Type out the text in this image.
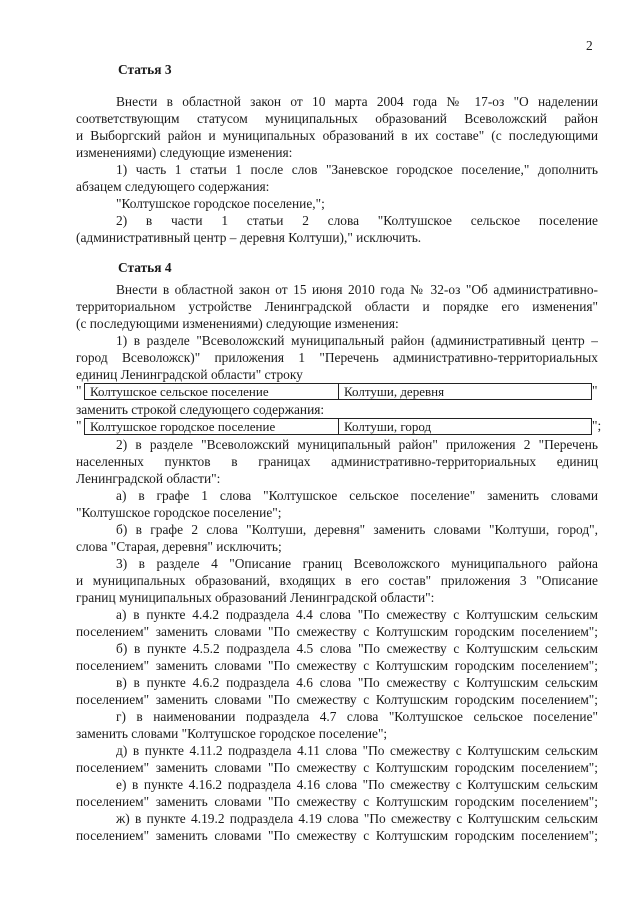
2
Статья 3
Внести в областной закон от 10 марта 2004 года № 17-оз "О наделении
соответствующим статусом муниципальных образований Всеволожский район
и Выборгский район и муниципальных образований в их составе" (с последующими
изменениями) следующие изменения:
1) часть 1 статьи 1 после слов "Заневское городское поселение," дополнить
абзацем следующего содержания:
"Колтушское городское поселение,";
2) в части 1 статьи 2 слова "Колтушское сельское поселение
(административный центр – деревня Колтуши)," исключить.
Статья 4
Внести в областной закон от 15 июня 2010 года № 32-оз "Об административно-
территориальном устройстве Ленинградской области и порядке его изменения"
(с последующими изменениями) следующие изменения:
1) в разделе "Всеволожский муниципальный район (административный центр –
город Всеволожск)" приложения 1 "Перечень административно-территориальных
единиц Ленинградской области" строку
" Колтушское сельское поселение	Колтуши, деревня	"
заменить строкой следующего содержания:
" Колтушское городское поселение	Колтуши, город	";
2) в разделе "Всеволожский муниципальный район" приложения 2 "Перечень
населенных пунктов в границах административно-территориальных единиц
Ленинградской области":
а) в графе 1 слова "Колтушское сельское поселение" заменить словами
"Колтушское городское поселение";
б) в графе 2 слова "Колтуши, деревня" заменить словами "Колтуши, город",
слова "Старая, деревня" исключить;
3) в разделе 4 "Описание границ Всеволожского муниципального района
и муниципальных образований, входящих в его состав" приложения 3 "Описание
границ муниципальных образований Ленинградской области":
а) в пункте 4.4.2 подраздела 4.4 слова "По смежеству с Колтушским сельским
поселением" заменить словами "По смежеству с Колтушским городским поселением";
б) в пункте 4.5.2 подраздела 4.5 слова "По смежеству с Колтушским сельским
поселением" заменить словами "По смежеству с Колтушским городским поселением";
в) в пункте 4.6.2 подраздела 4.6 слова "По смежеству с Колтушским сельским
поселением" заменить словами "По смежеству с Колтушским городским поселением";
г) в наименовании подраздела 4.7 слова "Колтушское сельское поселение"
заменить словами "Колтушское городское поселение";
д) в пункте 4.11.2 подраздела 4.11 слова "По смежеству с Колтушским сельским
поселением" заменить словами "По смежеству с Колтушским городским поселением";
е) в пункте 4.16.2 подраздела 4.16 слова "По смежеству с Колтушским сельским
поселением" заменить словами "По смежеству с Колтушским городским поселением";
ж) в пункте 4.19.2 подраздела 4.19 слова "По смежеству с Колтушским сельским
поселением" заменить словами "По смежеству с Колтушским городским поселением";
